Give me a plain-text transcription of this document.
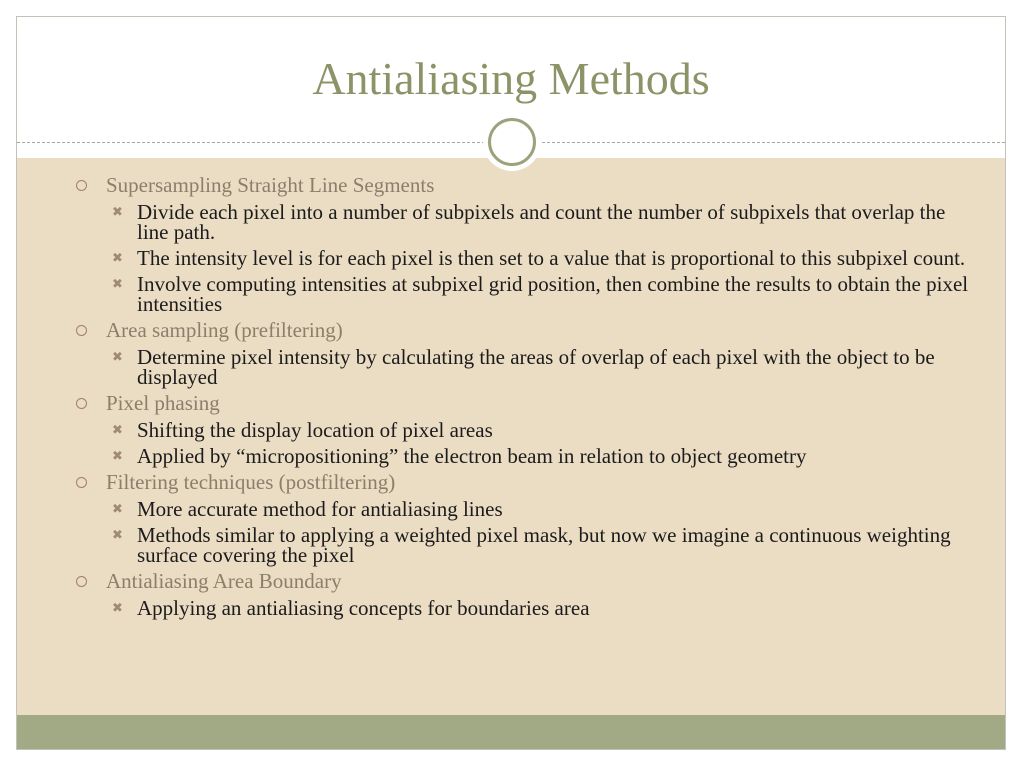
Antialiasing Methods
Supersampling Straight Line Segments
✖ Divide each pixel into a number of subpixels and count the number of subpixels that overlap the line path.
✖ The intensity level is for each pixel is then set to a value that is proportional to this subpixel count.
✖ Involve computing intensities at subpixel grid position, then combine the results to obtain the pixel intensities
Area sampling (prefiltering)
✖ Determine pixel intensity by calculating the areas of overlap of each pixel with the object to be displayed
Pixel phasing
✖ Shifting the display location of pixel areas
✖ Applied by “micropositioning” the electron beam in relation to object geometry
Filtering techniques (postfiltering)
✖ More accurate method for antialiasing lines
✖ Methods similar to applying a weighted pixel mask, but now we imagine a continuous weighting surface covering the pixel
Antialiasing Area Boundary
✖ Applying an antialiasing concepts for boundaries area
